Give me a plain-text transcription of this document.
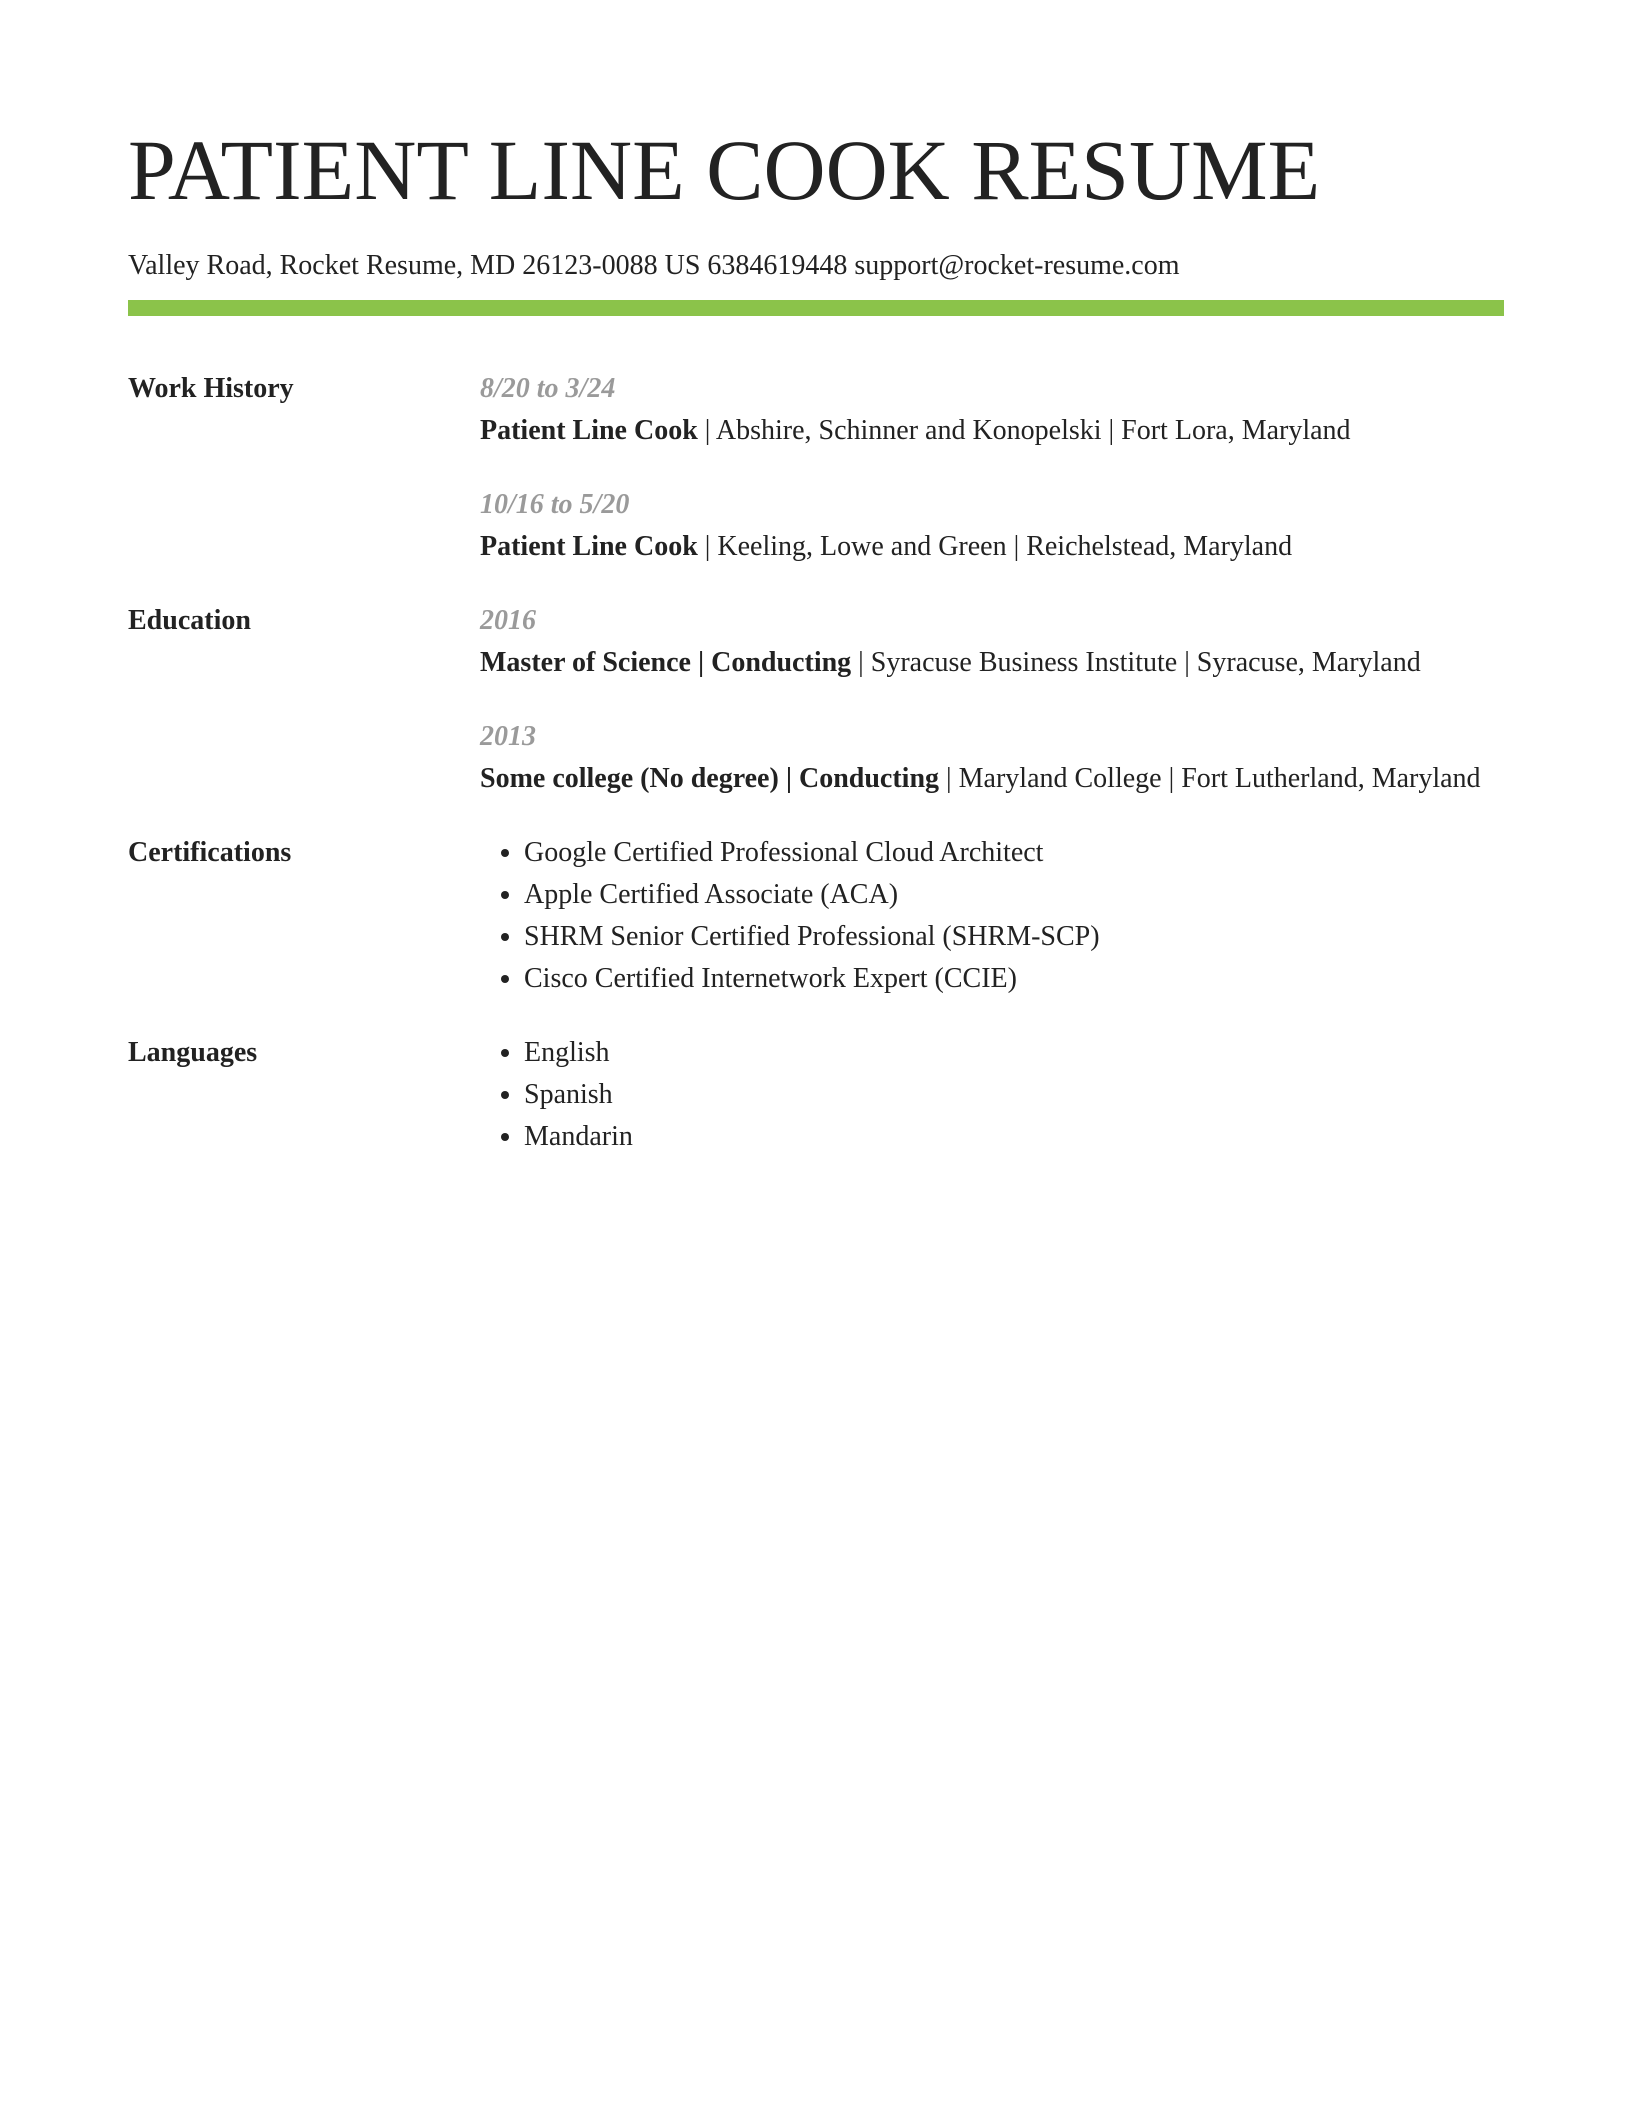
PATIENT LINE COOK RESUME
Valley Road, Rocket Resume, MD 26123-0088 US 6384619448 support@rocket-resume.com
Work History	8/20 to 3/24
Patient Line Cook | Abshire, Schinner and Konopelski | Fort Lora, Maryland
10/16 to 5/20
Patient Line Cook | Keeling, Lowe and Green | Reichelstead, Maryland
Education	2016
Master of Science | Conducting | Syracuse Business Institute | Syracuse, Maryland
2013
Some college (No degree) | Conducting | Maryland College | Fort Lutherland, Maryland
Certifications	• Google Certified Professional Cloud Architect
• Apple Certified Associate (ACA)
• SHRM Senior Certified Professional (SHRM-SCP)
• Cisco Certified Internetwork Expert (CCIE)
Languages	• English
• Spanish
• Mandarin
